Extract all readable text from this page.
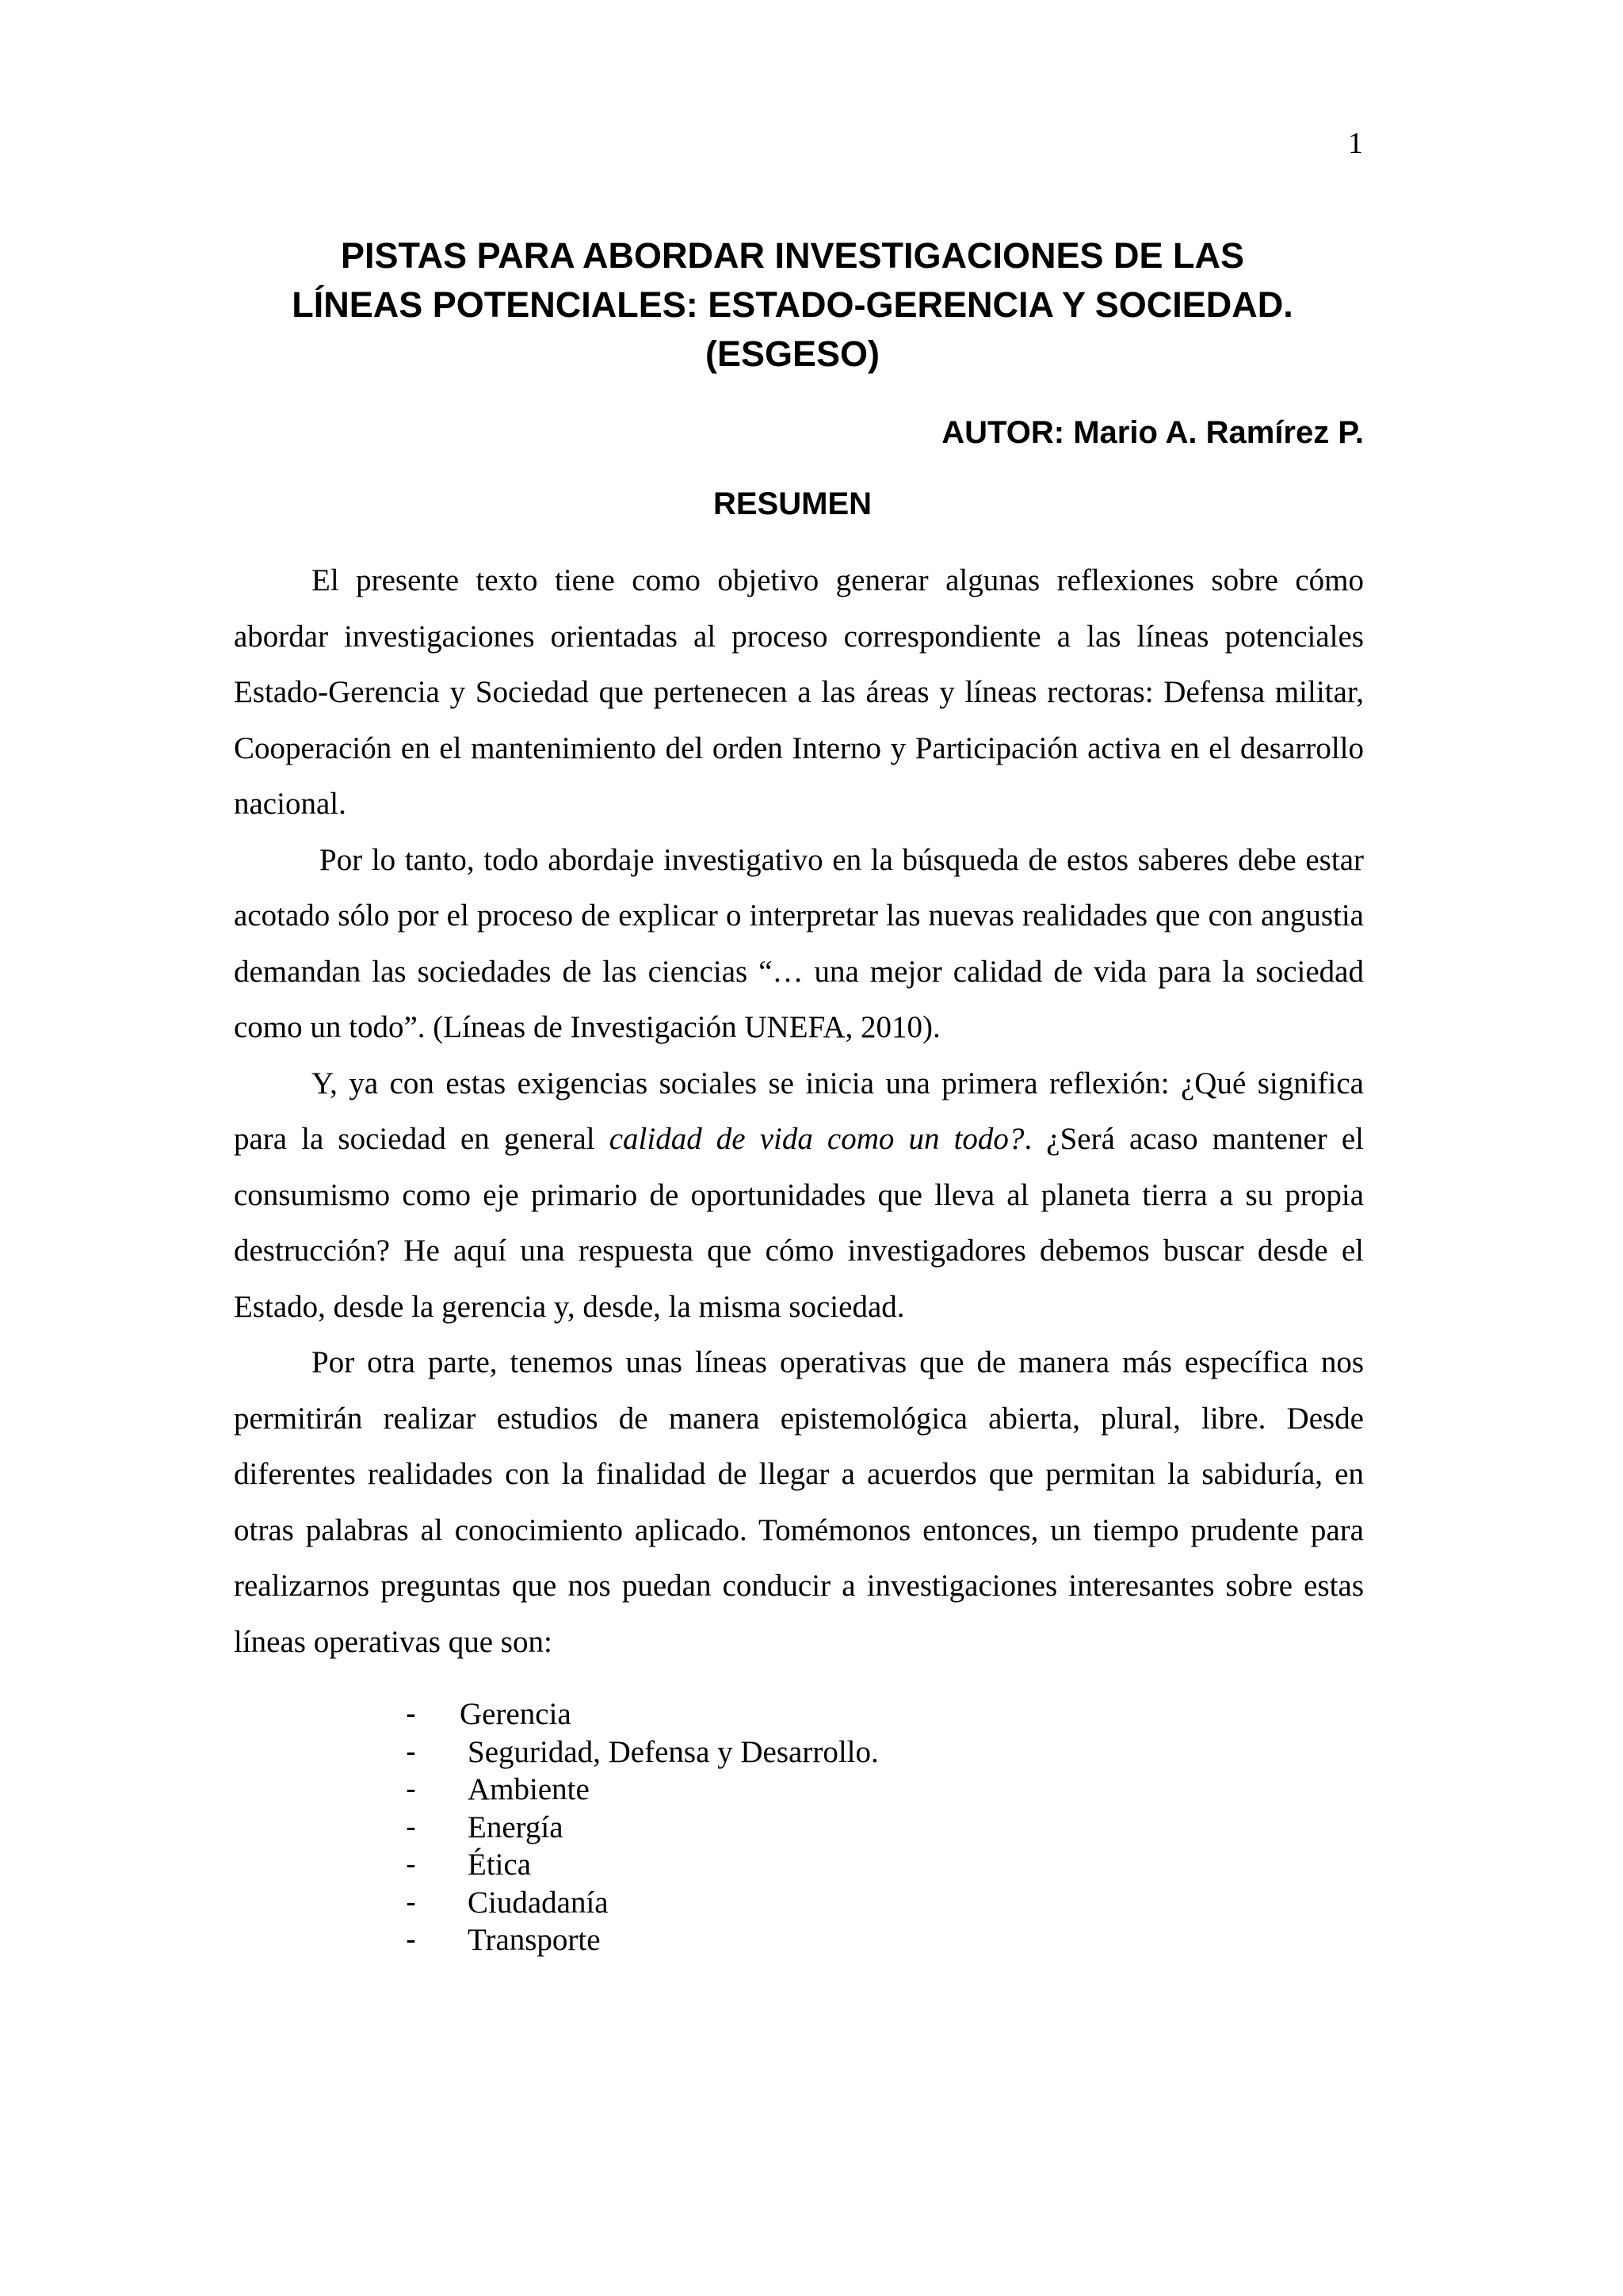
1
PISTAS PARA ABORDAR INVESTIGACIONES DE LAS
LÍNEAS POTENCIALES: ESTADO-GERENCIA Y SOCIEDAD.
(ESGESO)
AUTOR: Mario A. Ramírez P.
RESUMEN

El presente texto tiene como objetivo generar algunas reflexiones sobre cómo abordar investigaciones orientadas al proceso correspondiente a las líneas potenciales Estado-Gerencia y Sociedad que pertenecen a las áreas y líneas rectoras: Defensa militar, Cooperación en el mantenimiento del orden Interno y Participación activa en el desarrollo nacional.

Por lo tanto, todo abordaje investigativo en la búsqueda de estos saberes debe estar acotado sólo por el proceso de explicar o interpretar las nuevas realidades que con angustia demandan las sociedades de las ciencias “… una mejor calidad de vida para la sociedad como un todo”. (Líneas de Investigación UNEFA, 2010).

Y, ya con estas exigencias sociales se inicia una primera reflexión: ¿Qué significa para la sociedad en general calidad de vida como un todo?. ¿Será acaso mantener el consumismo como eje primario de oportunidades que lleva al planeta tierra a su propia destrucción? He aquí una respuesta que cómo investigadores debemos buscar desde el Estado, desde la gerencia y, desde, la misma sociedad.

Por otra parte, tenemos unas líneas operativas que de manera más específica nos permitirán realizar estudios de manera epistemológica abierta, plural, libre. Desde diferentes realidades con la finalidad de llegar a acuerdos que permitan la sabiduría, en otras palabras al conocimiento aplicado. Tomémonos entonces, un tiempo prudente para realizarnos preguntas que nos puedan conducir a investigaciones interesantes sobre estas líneas operativas que son:

-	Gerencia
-	Seguridad, Defensa y Desarrollo.
-	Ambiente
-	Energía
-	Ética
-	Ciudadanía
-	Transporte
